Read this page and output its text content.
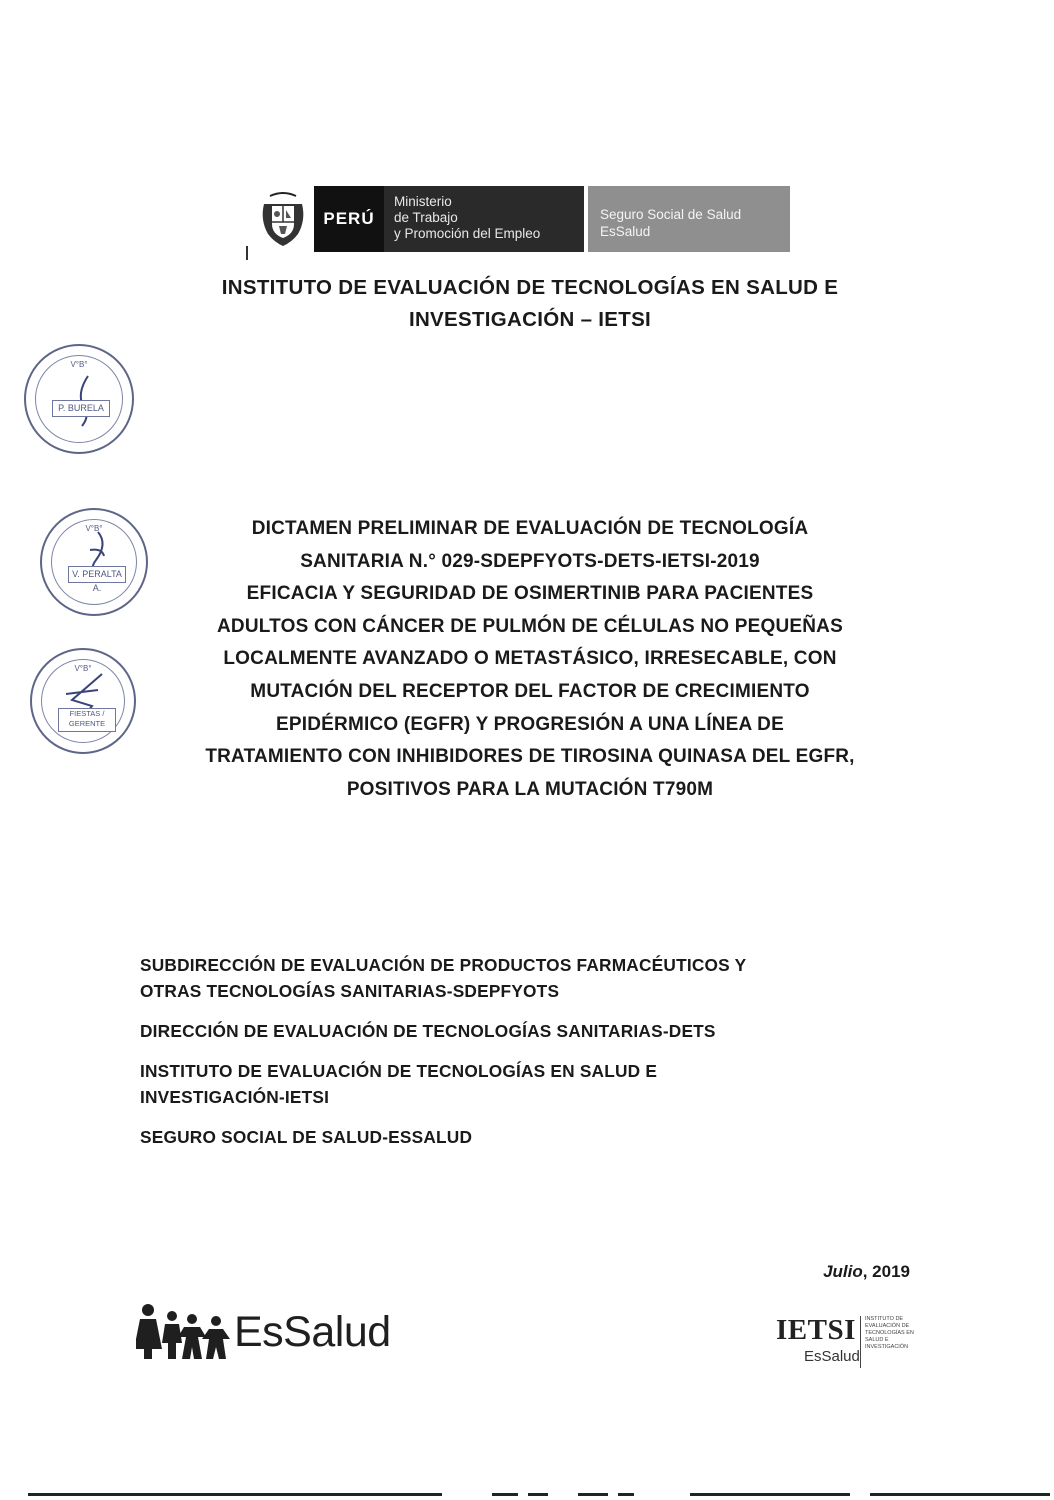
PERÚ
Ministerio
de Trabajo
y Promoción del Empleo
Seguro Social de Salud
EsSalud
INSTITUTO DE EVALUACIÓN DE TECNOLOGÍAS EN SALUD E
INVESTIGACIÓN – IETSI
V°B°
P. BURELA
V°B°
V. PERALTA A.
V°B°
FIESTAS / GERENTE
DICTAMEN PRELIMINAR DE EVALUACIÓN DE TECNOLOGÍA
SANITARIA N.° 029-SDEPFYOTS-DETS-IETSI-2019
EFICACIA Y SEGURIDAD DE OSIMERTINIB PARA PACIENTES
ADULTOS CON CÁNCER DE PULMÓN DE CÉLULAS NO PEQUEÑAS
LOCALMENTE AVANZADO O METASTÁSICO, IRRESECABLE, CON
MUTACIÓN DEL RECEPTOR DEL FACTOR DE CRECIMIENTO
EPIDÉRMICO (EGFR) Y PROGRESIÓN A UNA LÍNEA DE
TRATAMIENTO CON INHIBIDORES DE TIROSINA QUINASA DEL EGFR,
POSITIVOS PARA LA MUTACIÓN T790M

SUBDIRECCIÓN DE EVALUACIÓN DE PRODUCTOS FARMACÉUTICOS Y
OTRAS TECNOLOGÍAS SANITARIAS-SDEPFYOTS

DIRECCIÓN DE EVALUACIÓN DE TECNOLOGÍAS SANITARIAS-DETS

INSTITUTO DE EVALUACIÓN DE TECNOLOGÍAS EN SALUD E
INVESTIGACIÓN-IETSI

SEGURO SOCIAL DE SALUD-ESSALUD

Julio, 2019
EsSalud	IETSI
EsSalud
INSTITUTO DE EVALUACIÓN DE TECNOLOGÍAS EN SALUD E INVESTIGACIÓN
